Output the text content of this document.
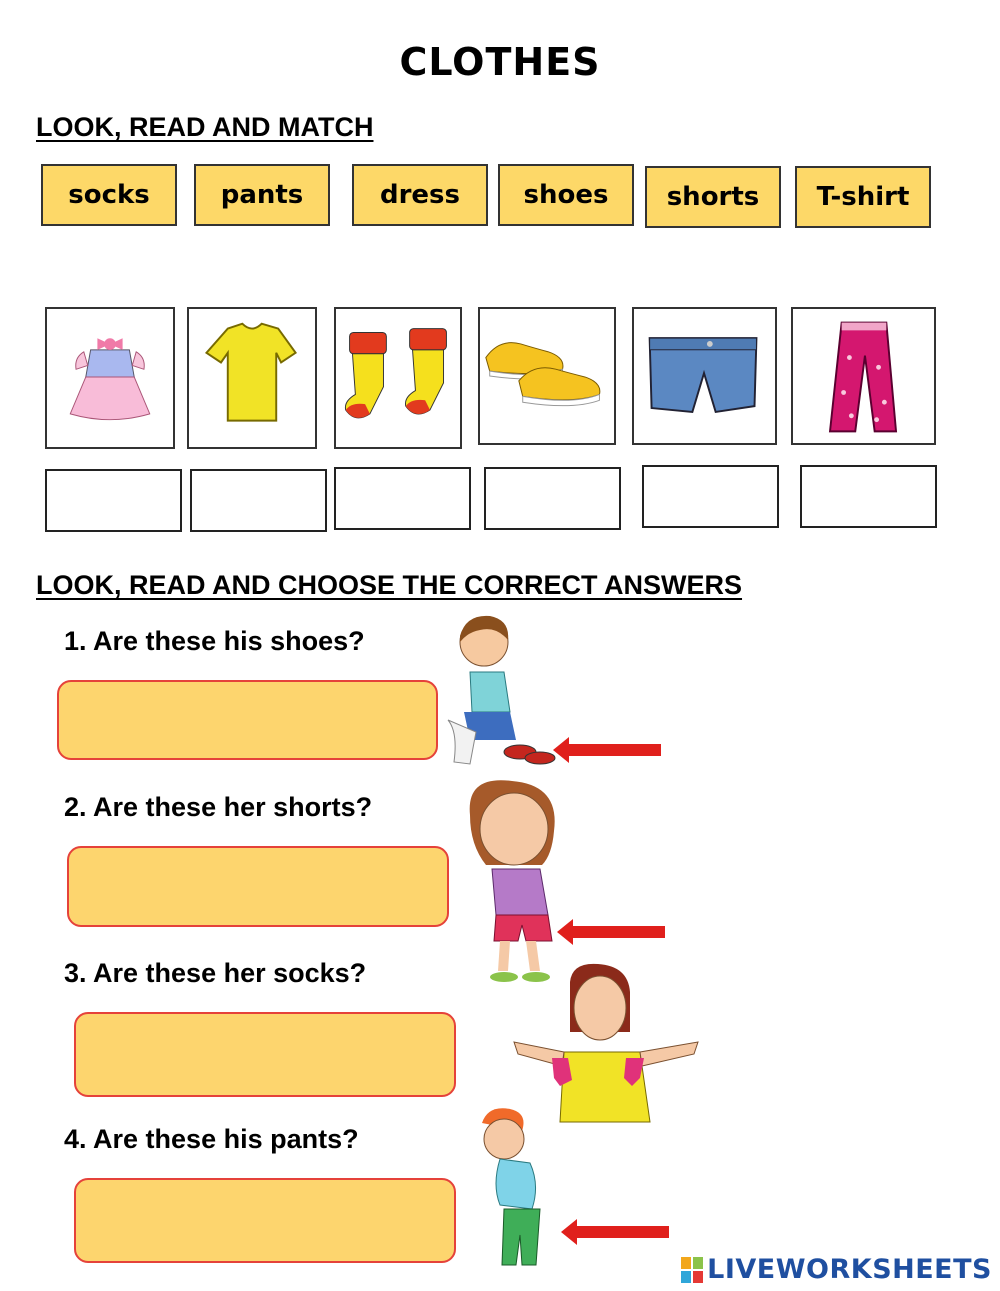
CLOTHES
LOOK, READ AND MATCH
socks	pants	dress	shoes	shorts	T-shirt
LOOK, READ AND CHOOSE THE CORRECT ANSWERS
1. Are these his shoes?
2. Are these her shorts?
3. Are these her socks?
4. Are these his pants?
LIVEWORKSHEETS
